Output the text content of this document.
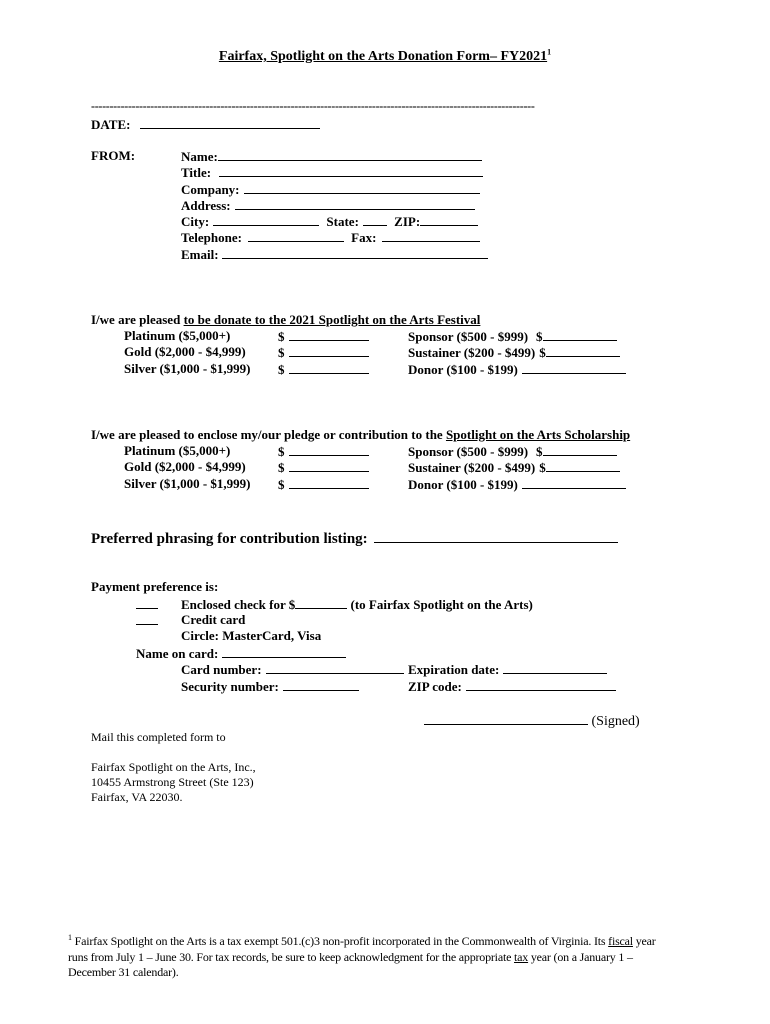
Fairfax, Spotlight on the Arts Donation Form– FY2021$^1$
------------------------------------------------------------------------------------------------------------------------
DATE:
FROM:	Name:
Title:
Company:
Address:
City:	State:	ZIP:
Telephone:	Fax:
Email:
I/we are pleased to be donate to the 2021 Spotlight on the Arts Festival
Platinum ($5,000+)	$	Sponsor ($500 - $999) $
Gold ($2,000 - $4,999) $	Sustainer ($200 - $499) $
Silver ($1,000 - $1,999) $	Donor ($100 - $199)
I/we are pleased to enclose my/our pledge or contribution to the Spotlight on the Arts Scholarship
Platinum ($5,000+)	$	Sponsor ($500 - $999) $
Gold ($2,000 - $4,999) $	Sustainer ($200 - $499) $
Silver ($1,000 - $1,999) $	Donor ($100 - $199)
Preferred phrasing for contribution listing:
Payment preference is:
Enclosed check for $	(to Fairfax Spotlight on the Arts)
Credit card
Circle: MasterCard, Visa
Name on card:
Card number:	Expiration date:
Security number:	ZIP code:
(Signed)
Mail this completed form to
Fairfax Spotlight on the Arts, Inc.,
10455 Armstrong Street (Ste 123)
Fairfax, VA 22030.
$^1$ Fairfax Spotlight on the Arts is a tax exempt 501.(c)3 non-profit incorporated in the Commonwealth of Virginia. Its fiscal year
runs from July 1 – June 30. For tax records, be sure to keep acknowledgment for the appropriate tax year (on a January 1 –
December 31 calendar).
